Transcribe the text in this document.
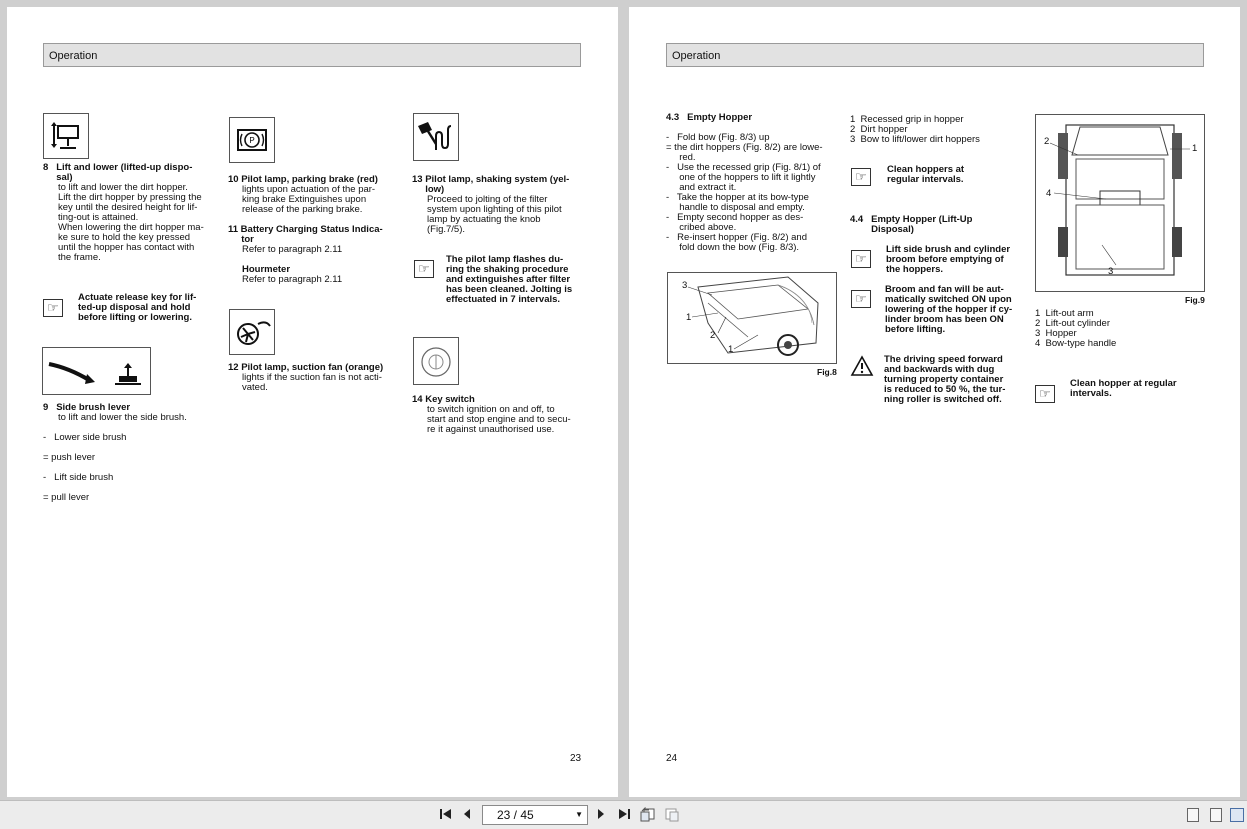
Operation
8   Lift and lower (lifted-up dispo-
sal)
to lift and lower the dirt hopper.
Lift the dirt hopper by pressing the
key until the desired height for lif-
ting-out is attained.
When lowering the dirt hopper ma-
ke sure to hold the key pressed
until the hopper has contact with
the frame.
☞
Actuate release key for lif-
ted-up disposal and hold
before lifting or lowering.
9   Side brush lever
to lift and lower the side brush.
-   Lower side brush
= push lever
-   Lift side brush
= pull lever
P
10 Pilot lamp, parking brake (red)
lights upon actuation of the par-
king brake Extinguishes upon
release of the parking brake.
11 Battery Charging Status Indica-
tor
Refer to paragraph 2.11
Hourmeter
Refer to paragraph 2.11
12 Pilot lamp, suction fan (orange)
lights if the suction fan is not acti-
vated.
13 Pilot lamp, shaking system (yel-
low)
Proceed to jolting of the filter
system upon lighting of this pilot
lamp by actuating the knob
(Fig.7/5).
☞
The pilot lamp flashes du-
ring the shaking procedure
and extinguishes after filter
has been cleaned. Jolting is
effectuated in 7 intervals.
14 Key switch
to switch ignition on and off, to
start and stop engine and to secu-
re it against unauthorised use.
23
Operation
4.3   Empty Hopper
-   Fold bow (Fig. 8/3) up
= the dirt hoppers (Fig. 8/2) are lowe-
red.
-   Use the recessed grip (Fig. 8/1) of
one of the hoppers to lift it lightly
and extract it.
-   Take the hopper at its bow-type
handle to disposal and empty.
-   Empty second hopper as des-
cribed above.
-   Re-insert hopper (Fig. 8/2) and
fold down the bow (Fig. 8/3).
3
1
2
1
Fig.8
1  Recessed grip in hopper
2  Dirt hopper
3  Bow to lift/lower dirt hoppers
☞
Clean hoppers at
regular intervals.
4.4   Empty Hopper (Lift-Up
Disposal)
☞
Lift side brush and cylinder
broom before emptying of
the hoppers.
☞
Broom and fan will be aut-
matically switched ON upon
lowering of the hopper if cy-
linder broom has been ON
before lifting.
The driving speed forward
and backwards with dug
turning property container
is reduced to 50 %, the tur-
ning roller is switched off.
2
1
4
3
Fig.9
1  Lift-out arm
2  Lift-out cylinder
3  Hopper
4  Bow-type handle
☞
Clean hopper at regular
intervals.
24
23 / 45	▼
